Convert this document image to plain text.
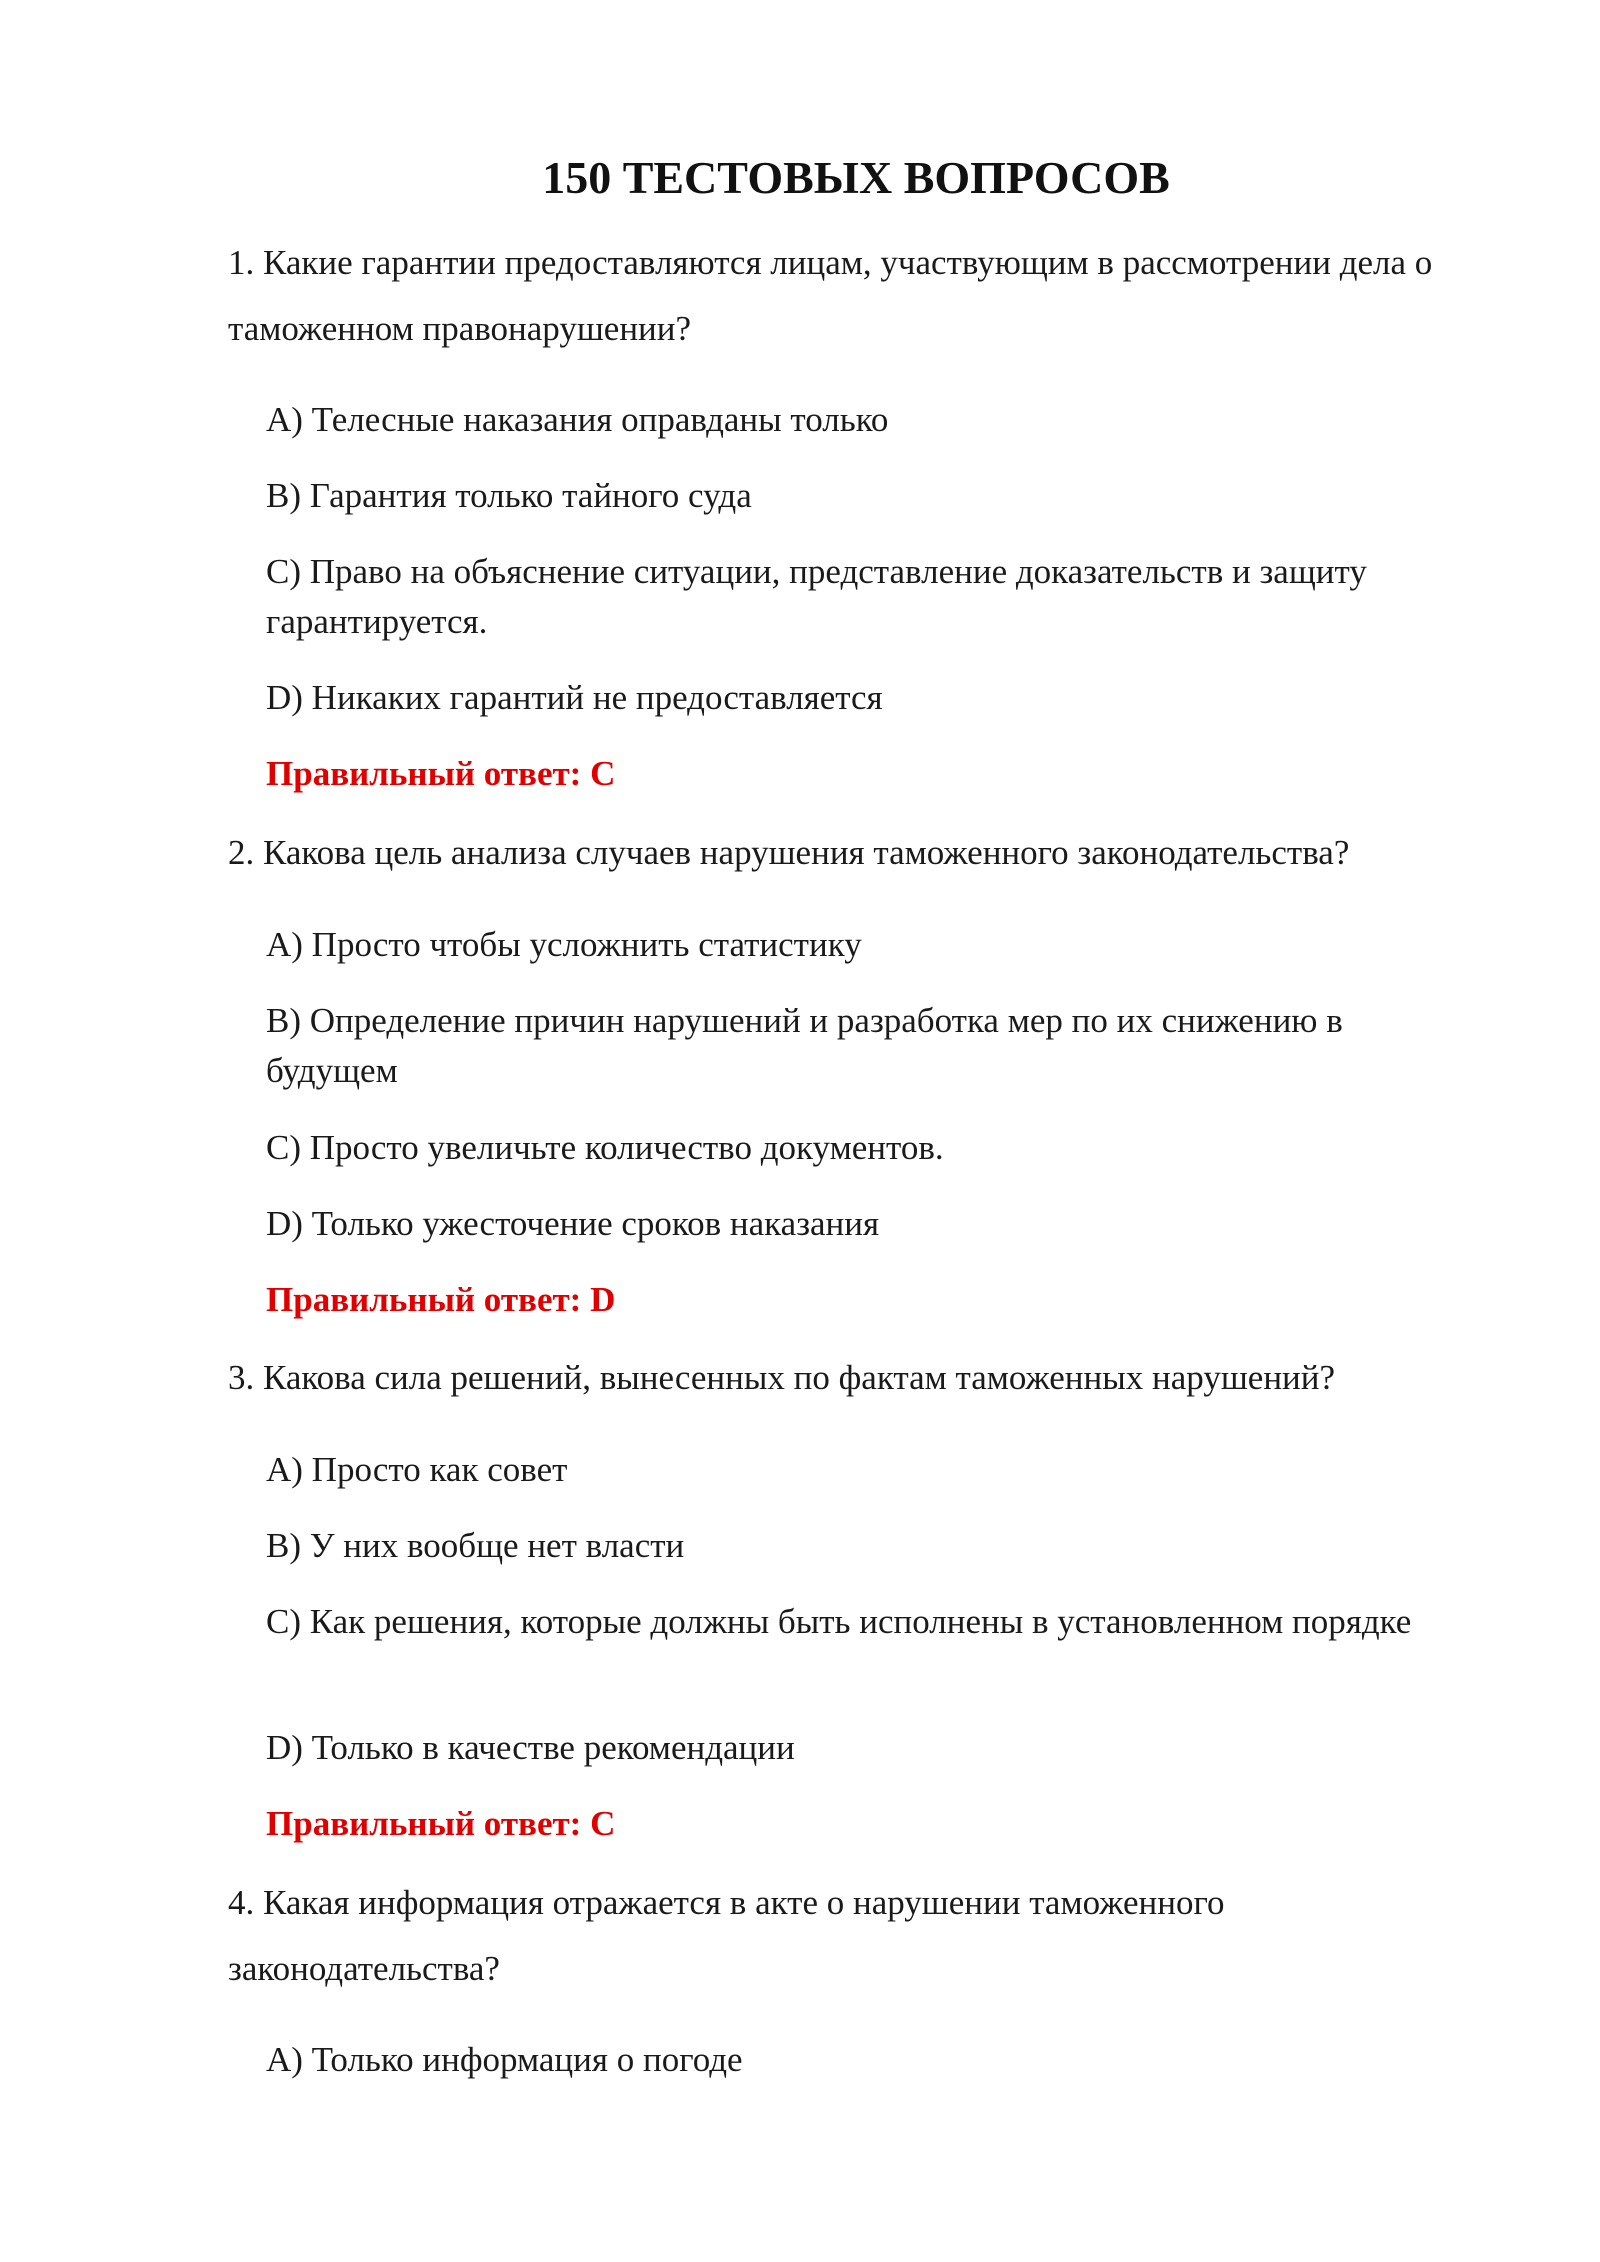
150 ТЕСТОВЫХ ВОПРОСОВ

1. Какие гарантии предоставляются лицам, участвующим в рассмотрении дела о таможенном правонарушении?

A) Телесные наказания оправданы только

B) Гарантия только тайного суда

C) Право на объяснение ситуации, представление доказательств и защиту гарантируется.

D) Никаких гарантий не предоставляется

Правильный ответ: C

2. Какова цель анализа случаев нарушения таможенного законодательства?

A) Просто чтобы усложнить статистику

B) Определение причин нарушений и разработка мер по их снижению в будущем

C) Просто увеличьте количество документов.

D) Только ужесточение сроков наказания

Правильный ответ: D

3. Какова сила решений, вынесенных по фактам таможенных нарушений?

A) Просто как совет

B) У них вообще нет власти

C) Как решения, которые должны быть исполнены в установленном порядке

D) Только в качестве рекомендации

Правильный ответ: C

4. Какая информация отражается в акте о нарушении таможенного законодательства?

A) Только информация о погоде
